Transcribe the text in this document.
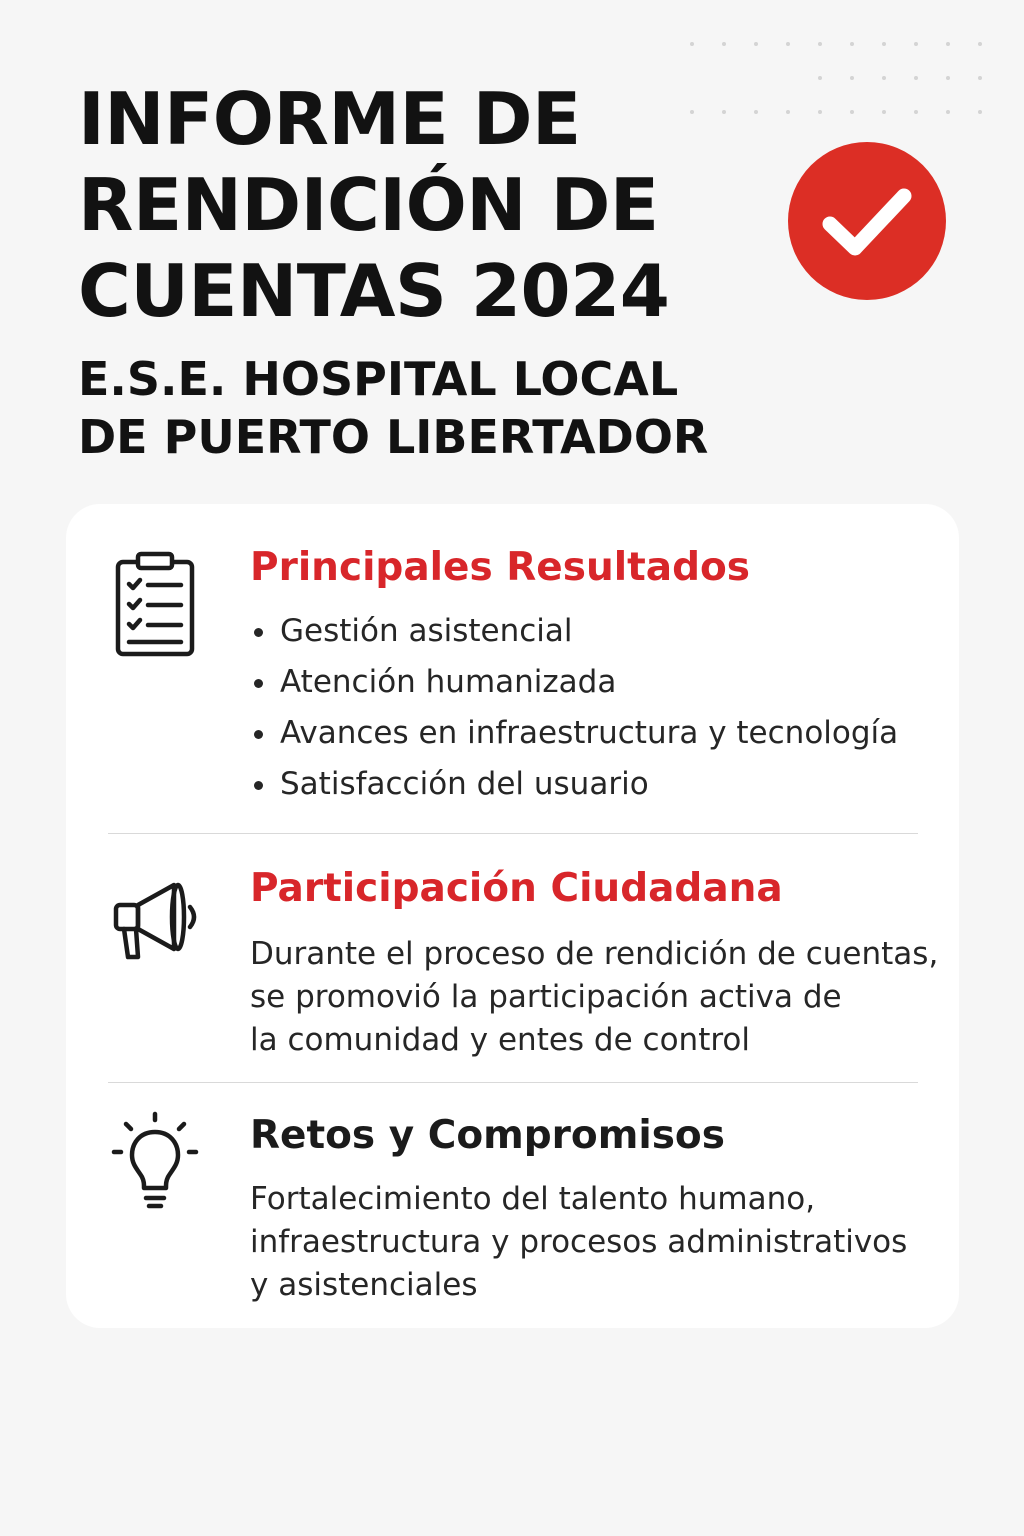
INFORME DE
RENDICIÓN DE
CUENTAS 2024
E.S.E. HOSPITAL LOCAL
DE PUERTO LIBERTADOR
Principales Resultados
Gestión asistencial
Atención humanizada
Avances en infraestructura y tecnología
Satisfacción del usuario
Participación Ciudadana

Durante el proceso de rendición de cuentas,
se promovió la participación activa de
la comunidad y entes de control

Retos y Compromisos

Fortalecimiento del talento humano,
infraestructura y procesos administrativos
y asistenciales
